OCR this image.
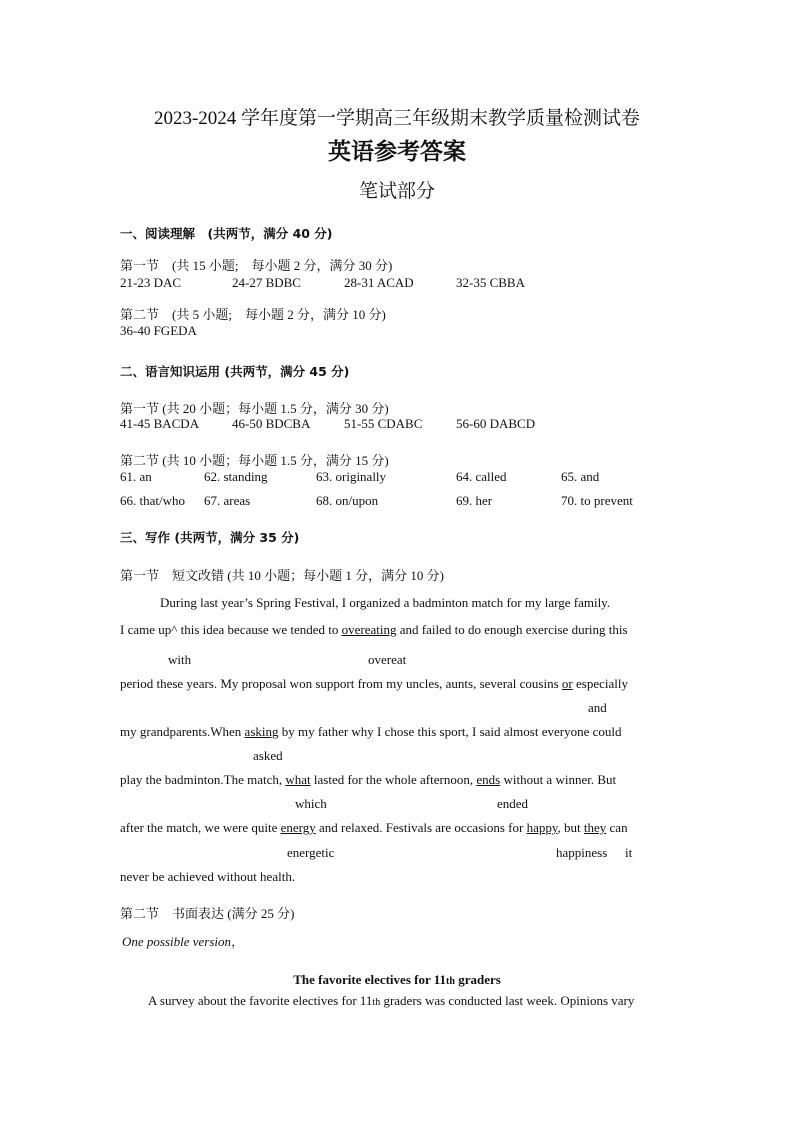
2023-2024 学年度第一学期高三年级期末教学质量检测试卷
英语参考答案
笔试部分
一、阅读理解　(共两节，满分 40 分)
第一节　(共 15 小题;　每小题 2 分，满分 30 分)
21-23 DAC	24-27 BDBC	28-31 ACAD	32-35 CBBA
第二节　(共 5 小题;　每小题 2 分，满分 10 分)
36-40 FGEDA
二、语言知识运用 (共两节，满分 45 分)
第一节 (共 20 小题；每小题 1.5 分，满分 30 分)
41-45 BACDA	46-50 BDCBA	51-55 CDABC	56-60 DABCD
第二节 (共 10 小题；每小题 1.5 分，满分 15 分)
61. an	62. standing	63. originally	64. called	65. and
66. that/who 67. areas	68. on/upon	69. her	70. to prevent
三、写作 (共两节，满分 35 分)
第一节　短文改错 (共 10 小题；每小题 1 分，满分 10 分)
During last year’s Spring Festival, I organized a badminton match for my large family.
I came up^ this idea because we tended to overeating and failed to do enough exercise during this
with	overeat
period these years. My proposal won support from my uncles, aunts, several cousins or especially
and
my grandparents.When asking by my father why I chose this sport, I said almost everyone could
asked
play the badminton.The match, what lasted for the whole afternoon, ends without a winner. But
which	ended
after the match, we were quite energy and relaxed. Festivals are occasions for happy, but they can
energetic	happiness it
never be achieved without health.
第二节　书面表达 (满分 25 分)
One possible version，
The favorite electives for 11th graders
A survey about the favorite electives for 11th graders was conducted last week. Opinions vary
